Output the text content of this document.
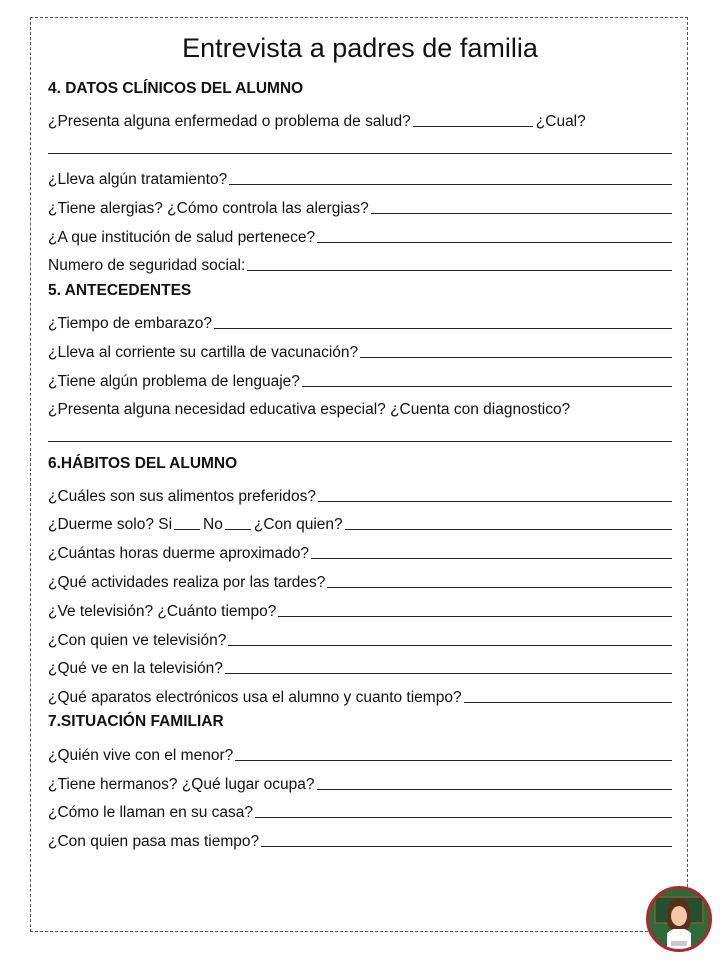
Entrevista a padres de familia
4. DATOS CLÍNICOS DEL ALUMNO
¿Presenta alguna enfermedad o problema de salud?	¿Cual?
¿Lleva algún tratamiento?
¿Tiene alergias? ¿Cómo controla las alergias?
¿A que institución de salud pertenece?
Numero de seguridad social:
5. ANTECEDENTES
¿Tiempo de embarazo?
¿Lleva al corriente su cartilla de vacunación?
¿Tiene algún problema de lenguaje?
¿Presenta alguna necesidad educativa especial? ¿Cuenta con diagnostico?
6.HÁBITOS DEL ALUMNO
¿Cuáles son sus alimentos preferidos?
¿Duerme solo? Si No ¿Con quien?
¿Cuántas horas duerme aproximado?
¿Qué actividades realiza por las tardes?
¿Ve televisión? ¿Cuánto tiempo?
¿Con quien ve televisión?
¿Qué ve en la televisión?
¿Qué aparatos electrónicos usa el alumno y cuanto tiempo?
7.SITUACIÓN FAMILIAR
¿Quién vive con el menor?
¿Tiene hermanos? ¿Qué lugar ocupa?
¿Cómo le llaman en su casa?
¿Con quien pasa mas tiempo?
